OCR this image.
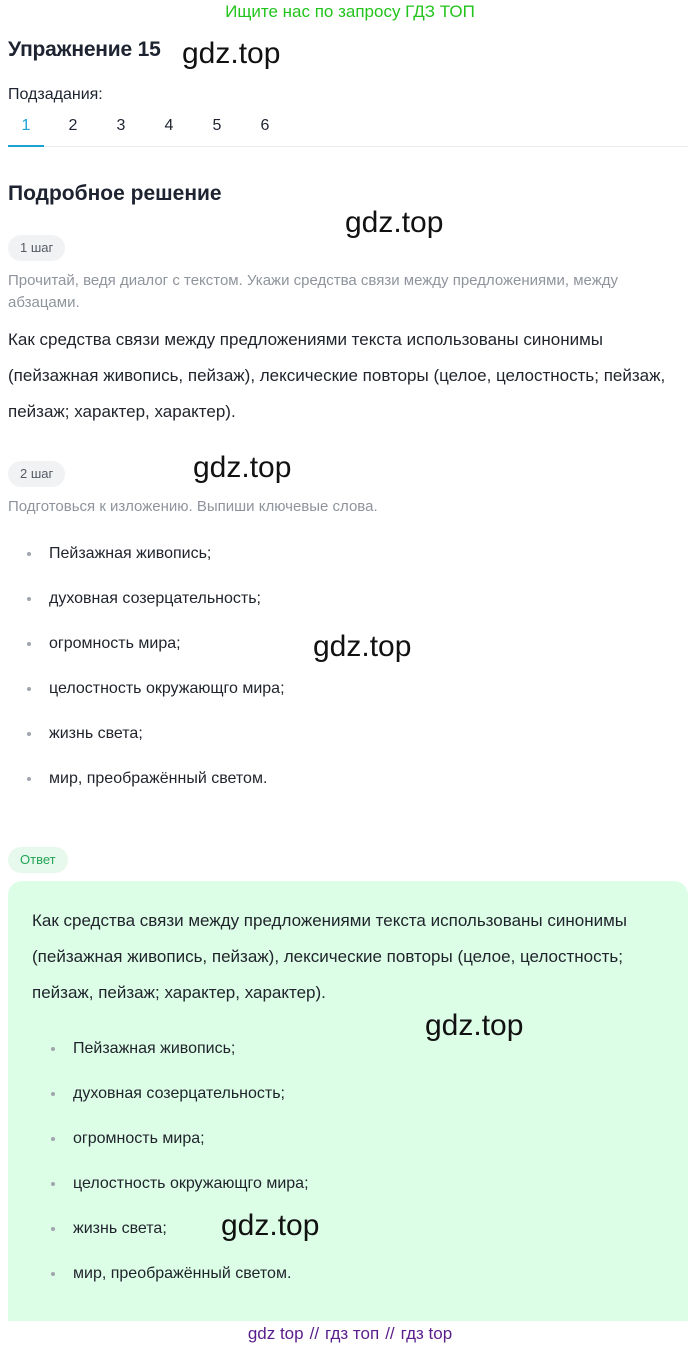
Ищите нас по запросу ГДЗ ТОП
Упражнение 15 gdz.top
Подзадания:
1	2	3	4	5	6
Подробное решение
gdz.top
1 шаг
Прочитай, ведя диалог с текстом. Укажи средства связи между предложениями, между абзацами.
Как средства связи между предложениями текста использованы синонимы (пейзажная живопись, пейзаж), лексические повторы (целое, целостность; пейзаж, пейзаж; характер, характер).
2 шаг	gdz.top
Подготовься к изложению. Выпиши ключевые слова.
Пейзажная живопись;
духовная созерцательность;
огромность мира;
целостность окружающго мира;
жизнь света;
мир, преображённый светом.
gdz.top
Ответ
Как средства связи между предложениями текста использованы синонимы (пейзажная живопись, пейзаж), лексические повторы (целое, целостность; пейзаж, пейзаж; характер, характер).
Пейзажная живопись;
духовная созерцательность;
огромность мира;
целостность окружающго мира;
жизнь света;
мир, преображённый светом.
gdz.top
gdz.top
gdz top // гдз топ // гдз top
